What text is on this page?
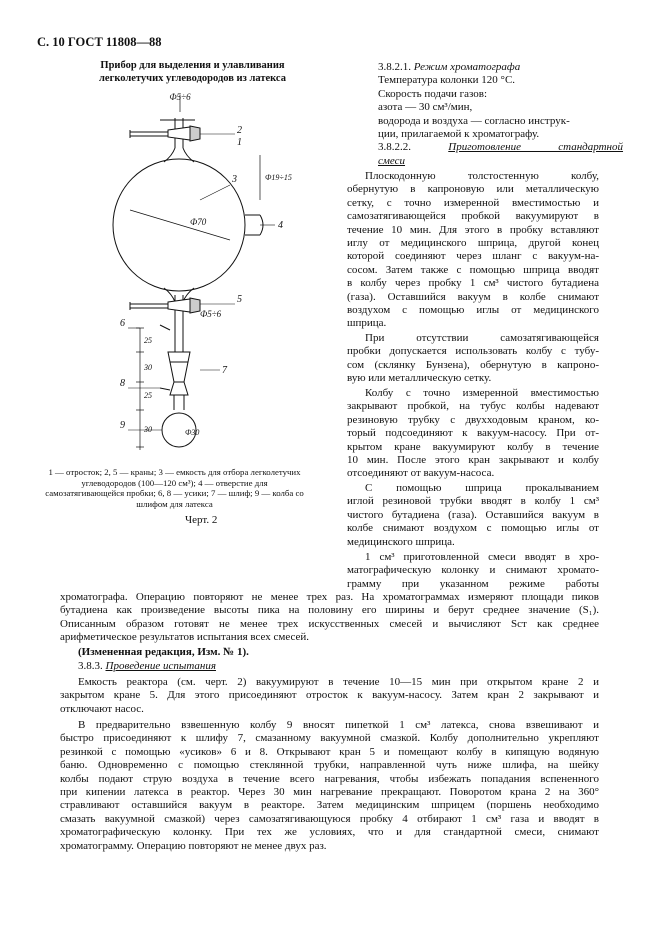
С. 10 ГОСТ 11808—88
Прибор для выделения и улавливания легколетучих углеводородов из латекса
Ф5÷6
2
1
3
4
Ф70
Ф19÷15
5
Ф5÷6
6
7
8
9
Ф30
25
30
25
30
1 — отросток; 2, 5 — краны; 3 — емкость для отбора легколетучих углеводородов (100—120 см³); 4 — отверстие для самозатягивающейся пробки; 6, 8 — усики; 7 — шлиф; 9 — колба со шлифом для латекса
Черт. 2
3.8.2.1. Режим хроматографа
Температура колонки 120 °С.
Скорость подачи газов:
азота — 30 см³/мин,
водорода и воздуха — согласно инструк-
ции, прилагаемой к хроматографу.
3.8.2.2.	Приготовление стандартной
смеси
Плоскодонную толстостенную колбу,
обернутую в капроновую или металлическую
сетку, с точно измеренной вместимостью и
самозатягивающейся пробкой вакуумируют в
течение 10 мин. Для этого в пробку вставляют
иглу от медицинского шприца, другой конец
которой соединяют через шланг с вакуум-на-
сосом. Затем также с помощью шприца вводят
в колбу через пробку 1 см³ чистого бутадиена
(газа). Оставшийся вакуум в колбе снимают
воздухом с помощью иглы от медицинского
шприца.
При отсутствии самозатягивающейся
пробки допускается использовать колбу с тубу-
сом (склянку Бунзена), обернутую в капроно-
вую или металлическую сетку.
Колбу с точно измеренной вместимостью
закрывают пробкой, на тубус колбы надевают
резиновую трубку с двухходовым краном, ко-
торый подсоединяют к вакуум-насосу. При от-
крытом кране вакуумируют колбу в течение
10 мин. После этого кран закрывают и колбу
отсоединяют от вакуум-насоса.
С помощью шприца прокалыванием
иглой резиновой трубки вводят в колбу 1 см³
чистого бутадиена (газа). Оставшийся вакуум в
колбе снимают воздухом с помощью иглы от
медицинского шприца.
1 см³ приготовленной смеси вводят в хро-
матографическую колонку и снимают хромато-
грамму при указанном режиме работы
хроматографа. Операцию повторяют не менее трех раз. На хроматограммах измеряют площади пиков
бутадиена как произведение высоты пика на половину его ширины и берут среднее значение (S₁).
Описанным образом готовят не менее трех искусственных смесей и вычисляют Sст как среднее
арифметическое результатов испытания всех смесей.
(Измененная редакция, Изм. № 1).
3.8.3. Проведение испытания
Емкость реактора (см. черт. 2) вакуумируют в течение 10—15 мин при открытом кране 2 и
закрытом кране 5. Для этого присоединяют отросток к вакуум-насосу. Затем кран 2 закрывают и
отключают насос.
В предварительно взвешенную колбу 9 вносят пипеткой 1 см³ латекса, снова взвешивают и
быстро присоединяют к шлифу 7, смазанному вакуумной смазкой. Колбу дополнительно укрепляют
резинкой с помощью «усиков» 6 и 8. Открывают кран 5 и помещают колбу в кипящую водяную
баню. Одновременно с помощью стеклянной трубки, направленной чуть ниже шлифа, на шейку
колбы подают струю воздуха в течение всего нагревания, чтобы избежать попадания вспененного
при кипении латекса в реактор. Через 30 мин нагревание прекращают. Поворотом крана 2 на 360°
стравливают оставшийся вакуум в реакторе. Затем медицинским шприцем (поршень необходимо
смазать вакуумной смазкой) через самозатягивающуюся пробку 4 отбирают 1 см³ газа и вводят в
хроматографическую колонку. При тех же условиях, что и для стандартной смеси, снимают
хроматограмму. Операцию повторяют не менее двух раз.
